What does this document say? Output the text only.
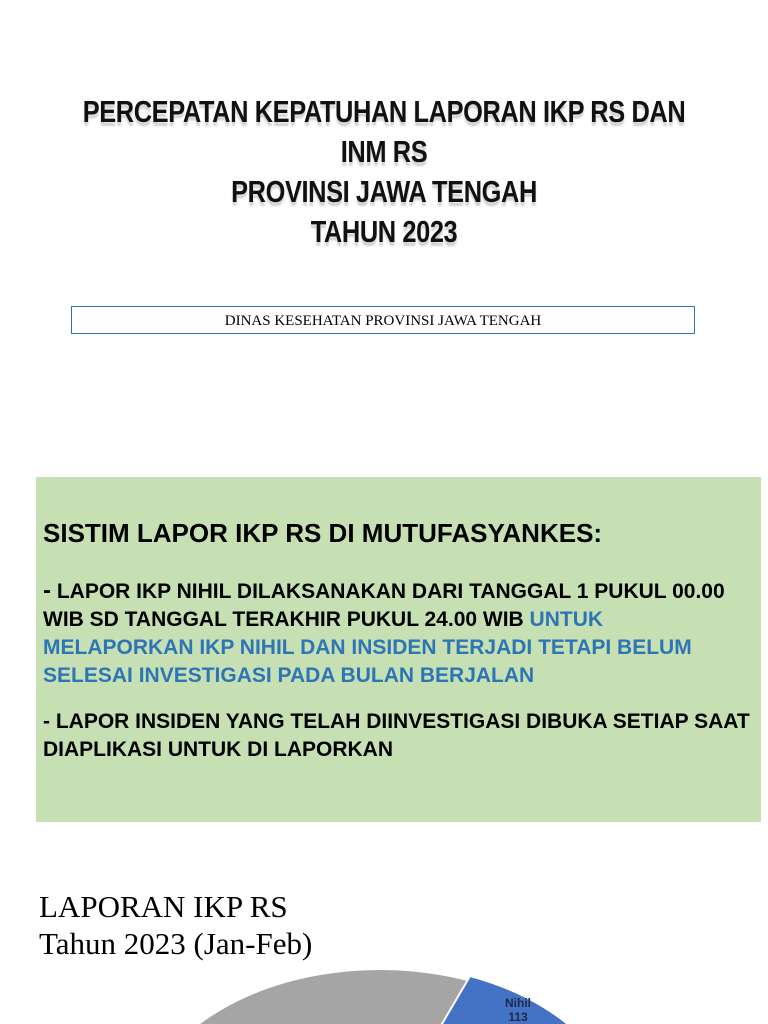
PERCEPATAN KEPATUHAN LAPORAN IKP RS DAN INM RS
PROVINSI JAWA TENGAH
TAHUN 2023
DINAS KESEHATAN PROVINSI JAWA TENGAH
SISTIM LAPOR IKP RS DI MUTUFASYANKES:
- LAPOR IKP NIHIL DILAKSANAKAN DARI TANGGAL 1 PUKUL 00.00 WIB SD TANGGAL TERAKHIR PUKUL 24.00 WIB UNTUK MELAPORKAN IKP NIHIL DAN INSIDEN TERJADI TETAPI BELUM SELESAI INVESTIGASI PADA BULAN BERJALAN
- LAPOR INSIDEN YANG TELAH DIINVESTIGASI DIBUKA SETIAP SAAT DIAPLIKASI UNTUK DI LAPORKAN
LAPORAN IKP RS
Tahun 2023 (Jan-Feb)
Nihil
113
